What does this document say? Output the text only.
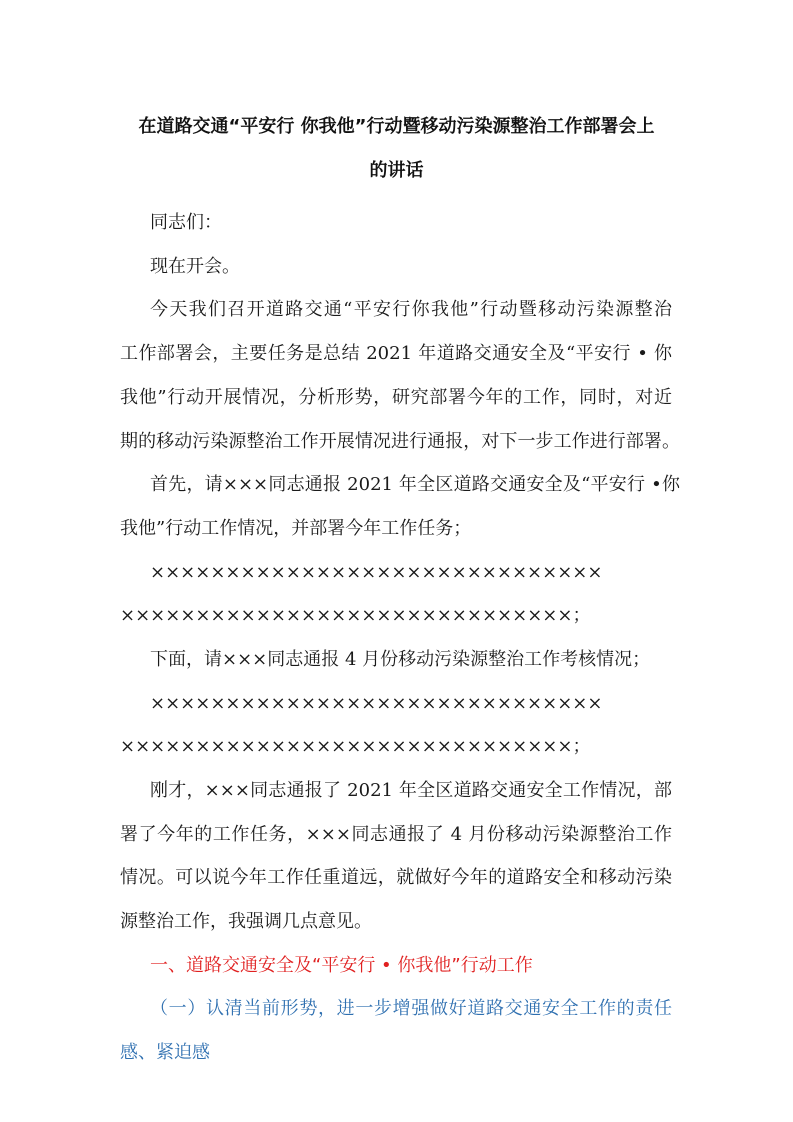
在道路交通“平安行 你我他”行动暨移动污染源整治工作部署会上
的讲话
同志们：
现在开会。
今天我们召开道路交通“平安行你我他”行动暨移动污染源整治
工作部署会，主要任务是总结 2021 年道路交通安全及“平安行 • 你
我他”行动开展情况，分析形势，研究部署今年的工作，同时，对近
期的移动污染源整治工作开展情况进行通报，对下一步工作进行部署。
首先，请×××同志通报 2021 年全区道路交通安全及“平安行 •你
我他”行动工作情况，并部署今年工作任务；
××××××××××××××××××××××××××××××
××××××××××××××××××××××××××××××；
下面，请×××同志通报 4 月份移动污染源整治工作考核情况；
××××××××××××××××××××××××××××××
××××××××××××××××××××××××××××××；
刚才，×××同志通报了 2021 年全区道路交通安全工作情况，部
署了今年的工作任务，×××同志通报了 4 月份移动污染源整治工作
情况。可以说今年工作任重道远，就做好今年的道路安全和移动污染
源整治工作，我强调几点意见。
一、道路交通安全及“平安行 • 你我他”行动工作
（一）认清当前形势，进一步增强做好道路交通安全工作的责任
感、紧迫感
